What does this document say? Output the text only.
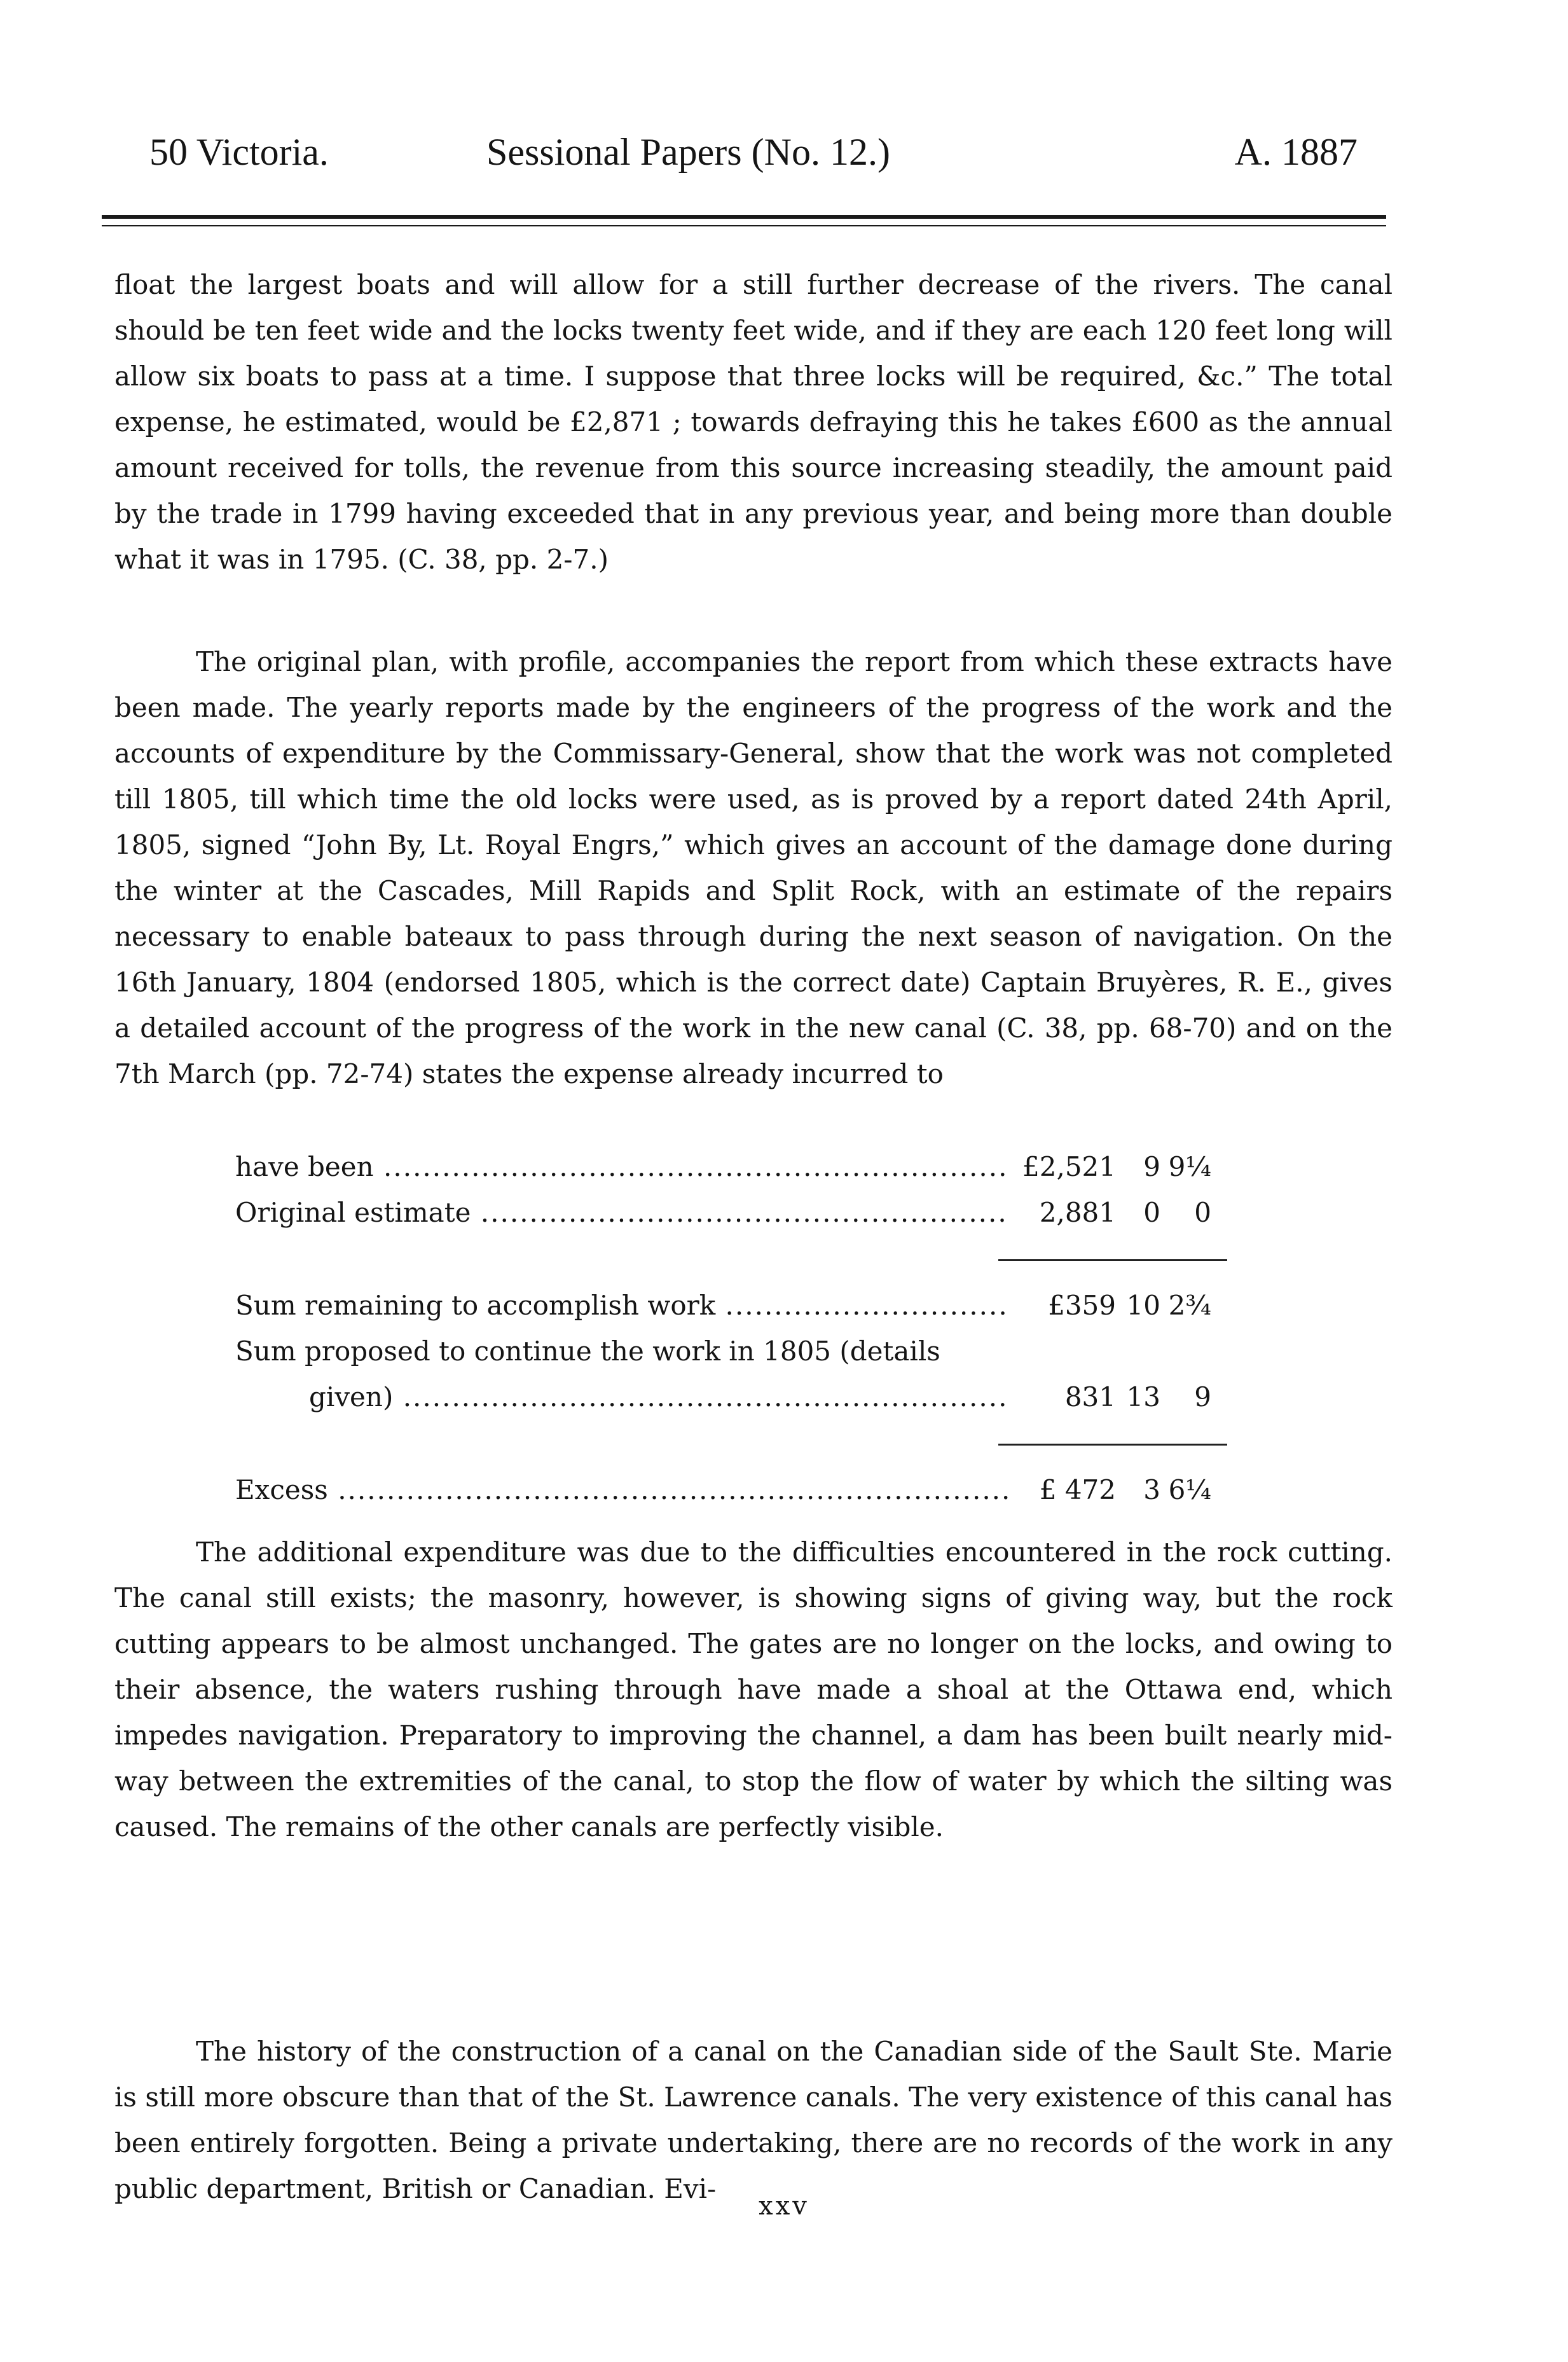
50 Victoria.	Sessional Papers (No. 12.)	A. 1887

float the largest boats and will allow for a still further decrease of the rivers. The canal should be ten feet wide and the locks twenty feet wide, and if they are each 120 feet long will allow six boats to pass at a time. I suppose that three locks will be required, &c.” The total expense, he estimated, would be £2,871 ; towards defraying this he takes £600 as the annual amount received for tolls, the revenue from this source increasing steadily, the amount paid by the trade in 1799 having exceeded that in any previous year, and being more than double what it was in 1795. (C. 38, pp. 2-7.)

The original plan, with profile, accompanies the report from which these extracts have been made. The yearly reports made by the engineers of the progress of the work and the accounts of expenditure by the Commissary-General, show that the work was not completed till 1805, till which time the old locks were used, as is proved by a report dated 24th April, 1805, signed “John By, Lt. Royal Engrs,” which gives an account of the damage done during the winter at the Cascades, Mill Rapids and Split Rock, with an estimate of the repairs necessary to enable bateaux to pass through during the next season of navigation. On the 16th January, 1804 (endorsed 1805, which is the correct date) Captain Bruyères, R. E., gives a detailed account of the progress of the work in the new canal (C. 38, pp. 68-70) and on the 7th March (pp. 72-74) states the expense already incurred to

have been .....	£2,521 9 9¼
Original estimate .....	2,881 0 0
Sum remaining to accomplish work .....	£359 10 2¾
Sum proposed to continue the work in 1805 (details
given) .....	831 13 9
Excess .....	£ 472 3 6¼

The additional expenditure was due to the difficulties encountered in the rock cutting. The canal still exists; the masonry, however, is showing signs of giving way, but the rock cutting appears to be almost unchanged. The gates are no longer on the locks, and owing to their absence, the waters rushing through have made a shoal at the Ottawa end, which impedes navigation. Preparatory to improving the channel, a dam has been built nearly mid-way between the extremities of the canal, to stop the flow of water by which the silting was caused. The remains of the other canals are perfectly visible.

The history of the construction of a canal on the Canadian side of the Sault Ste. Marie is still more obscure than that of the St. Lawrence canals. The very existence of this canal has been entirely forgotten. Being a private undertaking, there are no records of the work in any public department, British or Canadian. Evi-

xxv
